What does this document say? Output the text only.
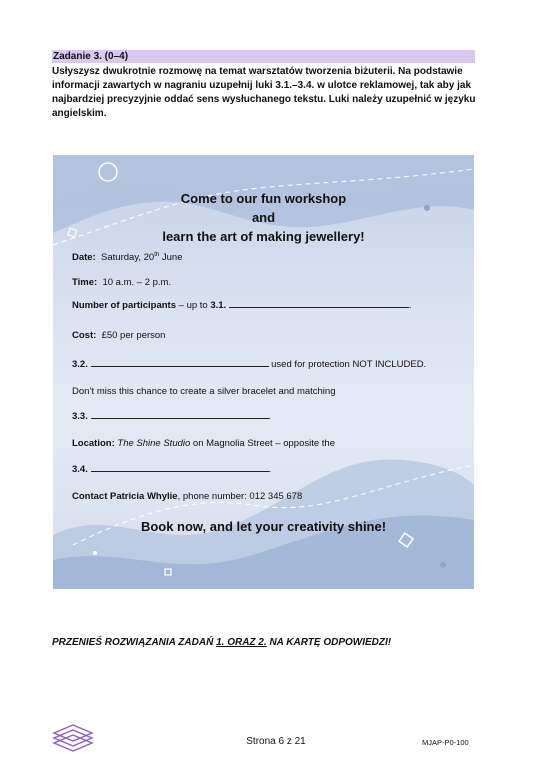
Zadanie 3. (0–4)
Usłyszysz dwukrotnie rozmowę na temat warsztatów tworzenia biżuterii. Na podstawie informacji zawartych w nagraniu uzupełnij luki 3.1.–3.4. w ulotce reklamowej, tak aby jak najbardziej precyzyjnie oddać sens wysłuchanego tekstu. Luki należy uzupełnić w języku angielskim.
Come to our fun workshop
and
learn the art of making jewellery!
Date: Saturday, 20th June
Time: 10 a.m. – 2 p.m.
Number of participants – up to 3.1.	.
Cost: £50 per person
3.2.	used for protection NOT INCLUDED.
Don’t miss this chance to create a silver bracelet and matching
3.3.	.
Location: The Shine Studio on Magnolia Street – opposite the
3.4.	.
Contact Patricia Whylie, phone number: 012 345 678
Book now, and let your creativity shine!
PRZENIEŚ ROZWIĄZANIA ZADAŃ 1. ORAZ 2. NA KARTĘ ODPOWIEDZI!
Strona 6 z 21	MJAP-P0-100
